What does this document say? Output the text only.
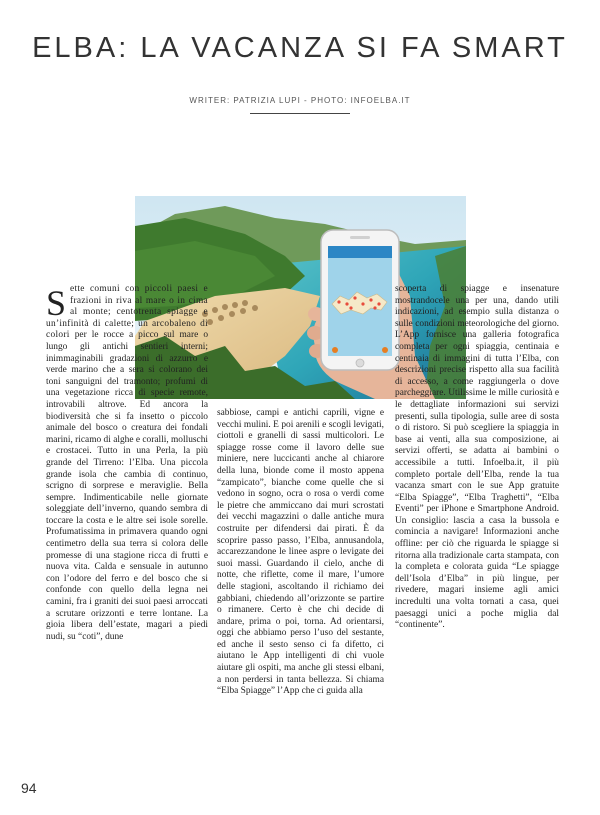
ELBA: LA VACANZA SI FA SMART
WRITER: PATRIZIA LUPI - PHOTO: INFOELBA.IT

S ette comuni con piccoli paesi e frazioni in riva al mare o in cima al monte; centotrenta spiagge e un’infinità di calette; un arcobaleno di colori per le rocce a picco sul mare o lungo gli antichi sentieri interni; inimmaginabili gradazioni di azzurro e verde marino che a sera si colorano dei toni sanguigni del tramonto; profumi di una vegetazione ricca di specie remote, introvabili altrove. Ed ancora la biodiversità che si fa insetto o piccolo animale del bosco o creatura dei fondali marini, ricamo di alghe e coralli, molluschi e crostacei. Tutto in una Perla, la più grande del Tirreno: l’Elba. Una piccola grande isola che cambia di continuo, scrigno di sorprese e meraviglie. Bella sempre. Indimenticabile nelle giornate soleggiate dell’inverno, quando sembra di toccare la costa e le altre sei isole sorelle. Profumatissima in primavera quando ogni centimetro della sua terra si colora delle promesse di una stagione ricca di frutti e nuova vita. Calda e sensuale in autunno con l’odore del ferro e del bosco che si confonde con quello della legna nei camini, fra i graniti dei suoi paesi arroccati a scrutare orizzonti e terre lontane. La gioia libera dell’estate, magari a piedi nudi, su “coti”, dune

sabbiose, campi e antichi caprili, vigne e vecchi mulini. E poi arenili e scogli levigati, ciottoli e granelli di sassi multicolori. Le spiagge rosse come il lavoro delle sue miniere, nere luccicanti anche al chiarore della luna, bionde come il mosto appena “zampicato”, bianche come quelle che si vedono in sogno, ocra o rosa o verdi come le pietre che ammiccano dai muri scrostati dei vecchi magazzini o dalle antiche mura costruite per difendersi dai pirati. È da scoprire passo passo, l’Elba, annusandola, accarezzandone le linee aspre o levigate dei suoi massi. Guardando il cielo, anche di notte, che riflette, come il mare, l’umore delle stagioni, ascoltando il richiamo dei gabbiani, chiedendo all’orizzonte se partire o rimanere. Certo è che chi decide di andare, prima o poi, torna. Ad orientarsi, oggi che abbiamo perso l’uso del sestante, ed anche il sesto senso ci fa difetto, ci aiutano le App intelligenti di chi vuole aiutare gli ospiti, ma anche gli stessi elbani, a non perdersi in tanta bellezza. Si chiama “Elba Spiagge” l’App che ci guida alla

scoperta di spiagge e insenature mostrandocele una per una, dando utili indicazioni, ad esempio sulla distanza o sulle condizioni meteorologiche del giorno. L’App fornisce una galleria fotografica completa per ogni spiaggia, centinaia e centinaia di immagini di tutta l’Elba, con descrizioni precise rispetto alla sua facilità di accesso, a come raggiungerla o dove parcheggiare. Utilissime le mille curiosità e le dettagliate informazioni sui servizi presenti, sulla tipologia, sulle aree di sosta o di ristoro. Si può scegliere la spiaggia in base ai venti, alla sua composizione, ai servizi offerti, se adatta ai bambini o accessibile a tutti. Infoelba.it, il più completo portale dell’Elba, rende la tua vacanza smart con le sue App gratuite “Elba Spiagge”, “Elba Traghetti”, “Elba Eventi” per iPhone e Smartphone Android. Un consiglio: lascia a casa la bussola e comincia a navigare! Informazioni anche offline: per ciò che riguarda le spiagge si ritorna alla tradizionale carta stampata, con la completa e colorata guida “Le spiagge dell’Isola d’Elba” in più lingue, per rivedere, magari insieme agli amici incredulti una volta tornati a casa, quei paesaggi unici a poche miglia dal “continente”.

94
